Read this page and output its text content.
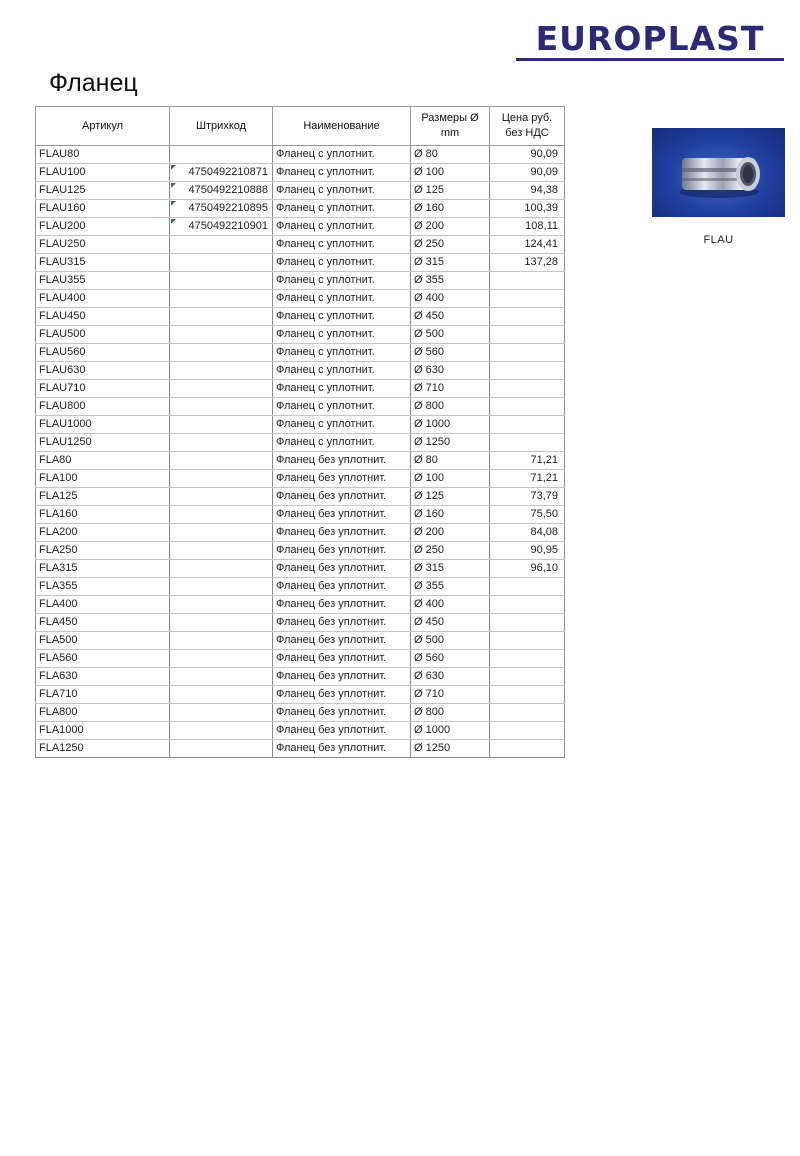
EUROPLAST
Фланец
Артикул	Штрихкод	Наименование	Размеры Ø mm	Цена руб. без НДС
FLAU80		Фланец с уплотнит.	Ø 80	90,09
FLAU100	4750492210871	Фланец с уплотнит.	Ø 100	90,09
FLAU125	4750492210888	Фланец с уплотнит.	Ø 125	94,38
FLAU160	4750492210895	Фланец с уплотнит.	Ø 160	100,39
FLAU200	4750492210901	Фланец с уплотнит.	Ø 200	108,11
FLAU250		Фланец с уплотнит.	Ø 250	124,41
FLAU315		Фланец с уплотнит.	Ø 315	137,28
FLAU355		Фланец с уплотнит.	Ø 355	
FLAU400		Фланец с уплотнит.	Ø 400	
FLAU450		Фланец с уплотнит.	Ø 450	
FLAU500		Фланец с уплотнит.	Ø 500	
FLAU560		Фланец с уплотнит.	Ø 560	
FLAU630		Фланец с уплотнит.	Ø 630	
FLAU710		Фланец с уплотнит.	Ø 710	
FLAU800		Фланец с уплотнит.	Ø 800	
FLAU1000		Фланец с уплотнит.	Ø 1000	
FLAU1250		Фланец с уплотнит.	Ø 1250	
FLA80		Фланец без уплотнит.	Ø 80	71,21
FLA100		Фланец без уплотнит.	Ø 100	71,21
FLA125		Фланец без уплотнит.	Ø 125	73,79
FLA160		Фланец без уплотнит.	Ø 160	75,50
FLA200		Фланец без уплотнит.	Ø 200	84,08
FLA250		Фланец без уплотнит.	Ø 250	90,95
FLA315		Фланец без уплотнит.	Ø 315	96,10
FLA355		Фланец без уплотнит.	Ø 355	
FLA400		Фланец без уплотнит.	Ø 400	
FLA450		Фланец без уплотнит.	Ø 450	
FLA500		Фланец без уплотнит.	Ø 500	
FLA560		Фланец без уплотнит.	Ø 560	
FLA630		Фланец без уплотнит.	Ø 630	
FLA710		Фланец без уплотнит.	Ø 710	
FLA800		Фланец без уплотнит.	Ø 800	
FLA1000		Фланец без уплотнит.	Ø 1000	
FLA1250		Фланец без уплотнит.	Ø 1250	
FLAU
